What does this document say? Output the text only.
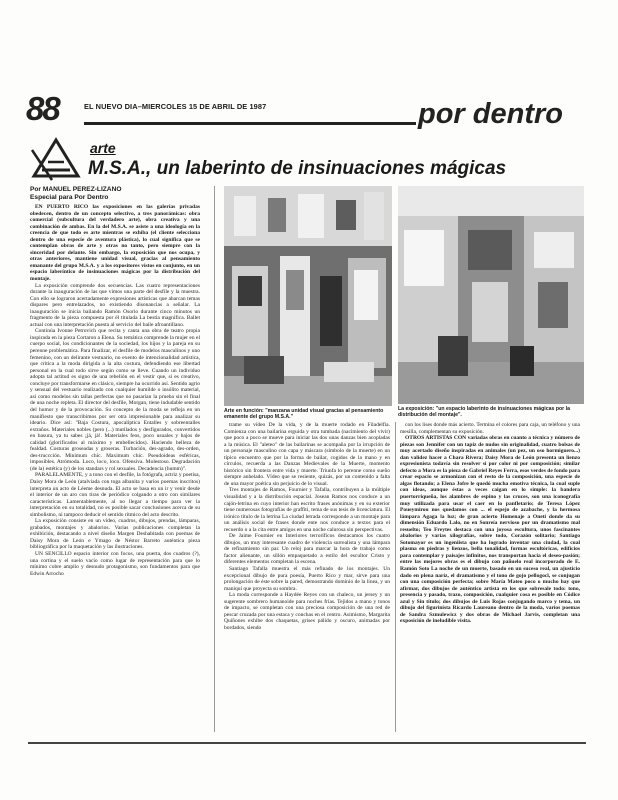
88	EL NUEVO DIA–MIERCOLES 15 DE ABRIL DE 1987	por dentro
arte
M.S.A., un laberinto de insinuaciones mágicas
Por MANUEL PEREZ-LIZANO
Especial para Por Dentro

EN PUERTO RICO las exposiciones en las galerías privadas obedecen, dentro de un concepto selectivo, a tres panorámicas: obra comercial (subcultura del verdadero arte), obra creativa y una combinación de ambas. En la del M.S.A. se asiste a una ideología en la creencia de que todo es arte mientras se exhiba (el cliente selecciona dentro de una especie de aventura plástica), lo cual significa que se contemplan obras de arte y otras no tanto, pero siempre con la sinceridad por delante. Sin embargo, la exposición que nos ocupa, y otras anteriores, mantiene unidad visual, gracias al pensamiento emanante del grupo M.S.A. y a los expositores vistos en conjunto, en un espacio laberíntico de insinuaciones mágicas por la distribución del montaje.

La exposición comprende dos secuencias. Las cuatro representaciones durante la inauguración de las que vimos una parte del desfile y la muestra. Con ello se lograron acertadamente expresiones artísticas que abarcan temas dispares pero entrelazados, no existiendo disonancias a señalar. La inauguración se inicia bailando Ramón Osorio durante cinco minutos un fragmento de la pieza compuesta por él titulada La bestia magnífica. Ballet actual con una interpretación puesta al servicio del baile afroantillano.

Continúa Ivonne Petrovich que recita y canta una obra de teatro propia inspirada en la pieza Cortaron a Elena. Su temática comprende la mujer en el cuerpo social, los condicionantes de la sociedad, los hijos y la pareja en su perenne problemática. Para finalizar, el desfile de modelos masculinos y uno femenino, con un delirante vestuario, no exento de intencionalidad artística, que critica a la moda dirigida a la alta costura, defendiendo ese libertad personal en la cual todo sirve según como se lleve. Cuando un individuo adopta tal actitud es signo de una rebelión en el vestir que, si es creativo, concluye por transformarse en clásico, siempre ha ocurrido así. Sentido agrio y sensual del vestuario realizado con cualquier humilde o insólito material, así como modelos sin tallas perfectas que no pasarían la prueba sin el final de una noche repleta. El director del desfile, Morgan, tiene indudable sentido del humor y de la provocación. Su concepto de la moda se refleja en un manifiesto que transcribimos por ser otra impresionable para analizar su ideario. Dice así: "Baja Costura, apocalíptica Entalles y sobreentalles extraños. Materiales nobles (pero (...) mutilados y desfigurados, convertidos en basura, ya tu sabes ¡já, já!. Materiales feos, poco usuales y bajos de calidad (glorificados al máximo y embellecidos). Haciendo belleza de fealdad. Costuras groseadas y groseras. Turbación, des-agrado, des-orden, des-truccción. Minimum chic. Maximum chic. Pseudoideas esféricas, imposibles. Atrómoda. Loco, loco, loco. Ofensiva. Molestoso. Degradación (de la) estética (y) de los standars y rol sexuales. Decadencia (humm)".

PARALELAMENTE, y a tono con el desfile, la fotógrafa, actriz y poetisa, Daisy Mora de León (atalviada con toga albanita y varios poemas inscritos) interpreta un acto de Léeme desnuda. El acto se basa en un ir y venir desde el interior de un aro con tiras de periódico colgando a otro con similares características. Lamentablemente, al no llegar a tiempo para ver la interpretación en su totalidad, no es posible sacar conclusiones acerca de su simbolismo, ni tampoco deducir el sentido rítmico del acto descrito.

La exposición consiste en un vídeo, cuadros, dibujos, prendas, lámparas, grabados, montajes y abalorios. Varias publicaciones completan la exhibición, destacando a nivel diseño Margen Deshabitada con poemas de Daisy Mora de León e Ymago de Néstor Barreto auténtica pieza bibliográfica por la maquetación y las ilustraciones.

UN SENCILLO espacio interior con focos, una puerta, dos cuadros (?), una cortina y el suelo vacío como lugar de representación para que lo mínimo cobre amplio y desnudo protagonismo, son fundamentos para que Edwin Arrocho

Arte en función: "manzana unidad visual gracias al pensamiento emanente del grupo M.S.A."
La exposición: "un espacio laberinto de insinuaciones mágicas por la distribución del montaje".

trame su vídeo De la vida, y de la muerte rodado en Filadelfia. Comienza con una bailarina erguida y otra tumbada (nacimiento del vivir) que poco a poco se mueve para iniciar las dos unas danzas bien acopladas a la música. El "aleteo" de las bailarinas se acompaña por la irrupción de un personaje masculino con capa y máscara (símbolo de la muerte) en un típico encuentro que por la forma de bailar, cogidos de la mano y en círculos, recuerda a las Danzas Medievales de la Muerte, momento histórico sin frontera entre vida y muerte. Triunfa lo perenne como sueño siempre anhelado. Vídeo que se resiente, quizás, por un contenido a falta de una mayor poética sin perjuicio de lo visual.

Tres montajes de Ramos, Fournier y Tafalla, contribuyen a la múltiple visualidad y a la distribución espacial. Josean Ramos nos conduce a un cajón-letrina en cuyo interior han escrito frases anónimas y en su exterior tiene numerosas fotografías de graffiti, tema de sus tesis de licenciatura. El irónico título de la letrina La ciudad letrada corresponde a un montaje para un análisis social de frases donde ente nos conduce a textos para el recuerdo o a la cita entre amigos en una noche calurosa sin perspectivas.

De Jaime Fournier en Interiores terroríficos destacamos los cuatro dibujos, un muy interesante cuadro de violencia surrealista y una lámpara de refinamiento sin par. Un reloj para marcar la hora de trabajo como factor alienante, un sillón empaquetado a estilo del escultor Cristo y diferentes elementos completan la escena.

Santiago Tafalla muestra el más refinado de los montajes. Un excepcional dibujo de pura poesía, Puerto Rico y mar, sirve para una prolongación de éste sobre la pared, demostrando dominio de la línea, y un maniquí que proyecta su sombra.

La moda corresponde a Haydée Reyes con un chaleco, un jersey y un sugerente sombrero humanoide para noches frías. Tejidos a mano y tonos de impacto, se completan con una preciosa composición de una red de pescar cruzada por una estaca y conchas en el centro. Asimismo, Margarita Quiñones exhibe dos chaquetas, grises pálido y oscuro, animadas por bordados, siendo

con los lises donde más acierto. Termina el colores para caja, un teléfono y una mesilla, complementan su exposición.

OTROS ARTISTAS CON variadas obras en cuanto a técnica y número de piezas son Jennifer con un tapiz de nudos sin originalidad, cuatro bolsas de muy acertado diseño inspiradas en animales (un pez, un oso hormiguero...) dan validez hacer a Chara Rivera; Daisy Mora de León presenta un lienzo expresionista todavía sin resolver si por color ni por composición; similar defecto a Mora es la pieza de Gabriel Reyes Ferra, esos verdes de fondo para crear espacio se armonizan con el resto de la composición, una especie de algas flotando; a Elena Jofre le quedó mucha emotiva técnica, la cual suple con ideas, aunque éstas a veces caigan en lo simple: la bandera puertorriqueña, los alambres de espino y las cruces, son una iconografía muy utilizada para usar el caer en lo panfletario; de Teresa López Poueymirou nos quedamos con ... el espejo de azabache, y la hermosa lámpara Agaga la luz; de gran acierto Homenaje a Oneti donde da su dimensión Eduardo Lalo, no en Sonreía nervioso por un dramatismo mal resuelto; Teo Freytes destaca con una joyosa escultura, unos fascinantes abalorios y varias xilografías, sobre todo, Corazón solitario; Santiago Sotomayor es un ingeniista que ha logrado inventar una ciudad, la cual plasma en piedras y lienzos, bella tonalidad, formas escultóricas, edificios para contemplar y paisajes infinitos, nos transportan hacia el deseo-pasión; entre las mejores obras es el dibujo con pañuelo real incorporado de E. Ramón Soto La noche de un muerte, basado en un suceso real, un ajusticio dado en plena naríz, el dramatismo y el tono de gojo pellogocl, se conjugan con una composición perfecta; sobre María Mateo poco o mucho hay que afirmar, dos dibujos de auténtico artista en los que sobresale todo: tono, presencia y pasado, trazo, composición, cualquier cosa es posible en Códice azul y Sin título; dos dibujos de Luis Rojas conjugando marco y tema, un dibujo del figurinista Ricardo Laureano dentro de la moda, varios poemas de Sandra Szmulewicz y dos obras de Michael Jarvis, completan una exposición de ineludible visita.
